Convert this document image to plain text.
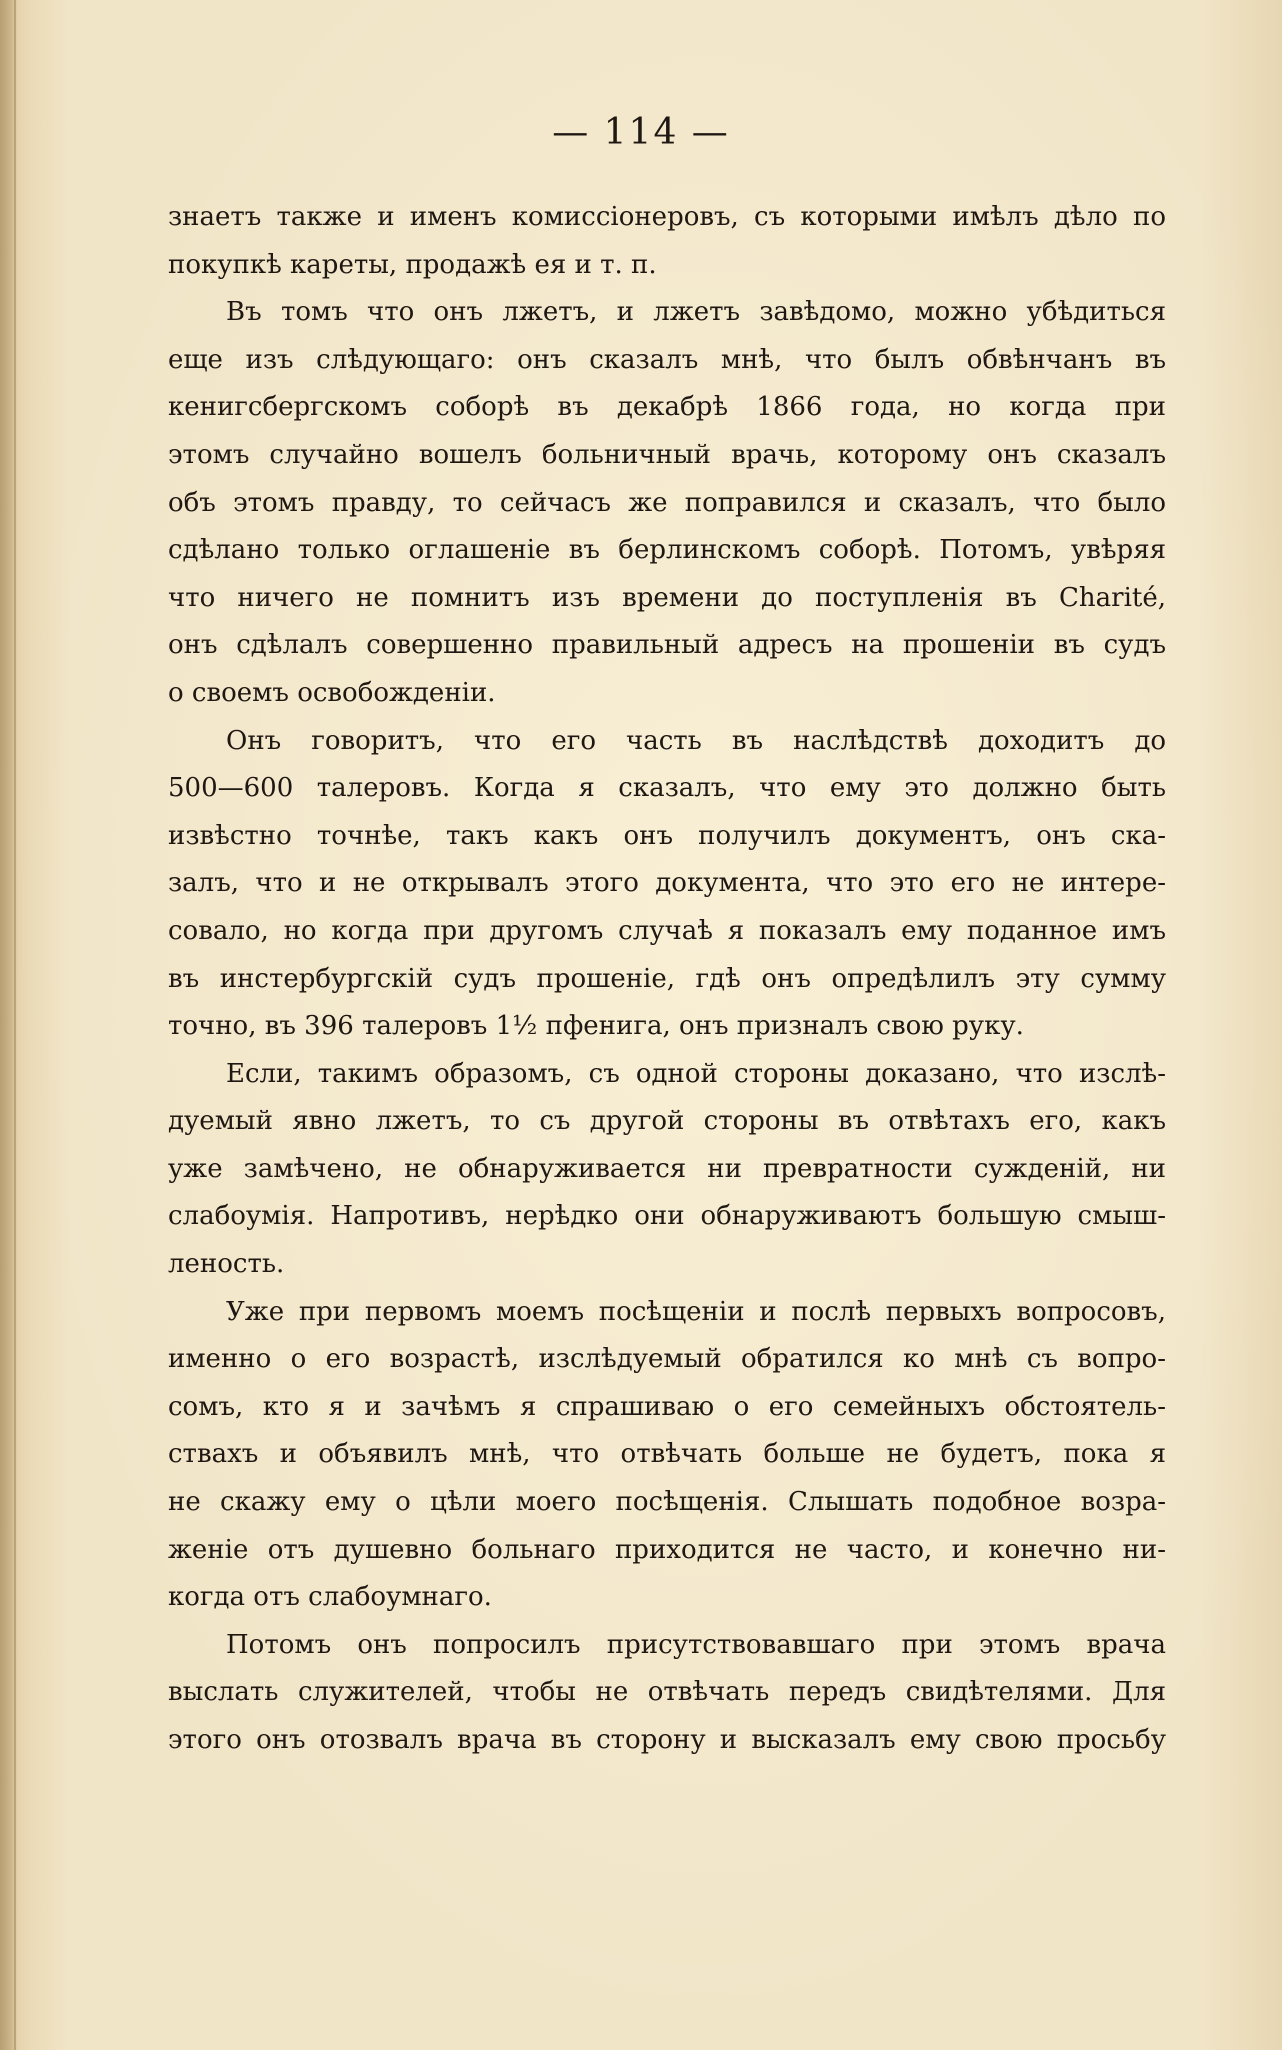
— 114 —
знаетъ также и именъ комиссіонеровъ, съ которыми имѣлъ дѣло по
покупкѣ кареты, продажѣ ея и т. п.
Въ томъ что онъ лжетъ, и лжетъ завѣдомо, можно убѣдиться
еще изъ слѣдующаго: онъ сказалъ мнѣ, что былъ обвѣнчанъ въ
кенигсбергскомъ соборѣ въ декабрѣ 1866 года, но когда при
этомъ случайно вошелъ больничный врачь, которому онъ сказалъ
объ этомъ правду, то сейчасъ же поправился и сказалъ, что было
сдѣлано только оглашеніе въ берлинскомъ соборѣ. Потомъ, увѣряя
что ничего не помнитъ изъ времени до поступленія въ Charité,
онъ сдѣлалъ совершенно правильный адресъ на прошеніи въ судъ
о своемъ освобожденіи.
Онъ говоритъ, что его часть въ наслѣдствѣ доходитъ до
500—600 талеровъ. Когда я сказалъ, что ему это должно быть
извѣстно точнѣе, такъ какъ онъ получилъ документъ, онъ ска-
залъ, что и не открывалъ этого документа, что это его не интере-
совало, но когда при другомъ случаѣ я показалъ ему поданное имъ
въ инстербургскій судъ прошеніе, гдѣ онъ опредѣлилъ эту сумму
точно, въ 396 талеровъ 1½ пфенига, онъ призналъ свою руку.
Если, такимъ образомъ, съ одной стороны доказано, что изслѣ-
дуемый явно лжетъ, то съ другой стороны въ отвѣтахъ его, какъ
уже замѣчено, не обнаруживается ни превратности сужденій, ни
слабоумія. Напротивъ, нерѣдко они обнаруживаютъ большую смыш-
леность.
Уже при первомъ моемъ посѣщеніи и послѣ первыхъ вопросовъ,
именно о его возрастѣ, изслѣдуемый обратился ко мнѣ съ вопро-
сомъ, кто я и зачѣмъ я спрашиваю о его семейныхъ обстоятель-
ствахъ и объявилъ мнѣ, что отвѣчать больше не будетъ, пока я
не скажу ему о цѣли моего посѣщенія. Слышать подобное возра-
женіе отъ душевно больнаго приходится не часто, и конечно ни-
когда отъ слабоумнаго.
Потомъ онъ попросилъ присутствовавшаго при этомъ врача
выслать служителей, чтобы не отвѣчать передъ свидѣтелями. Для
этого онъ отозвалъ врача въ сторону и высказалъ ему свою просьбу
